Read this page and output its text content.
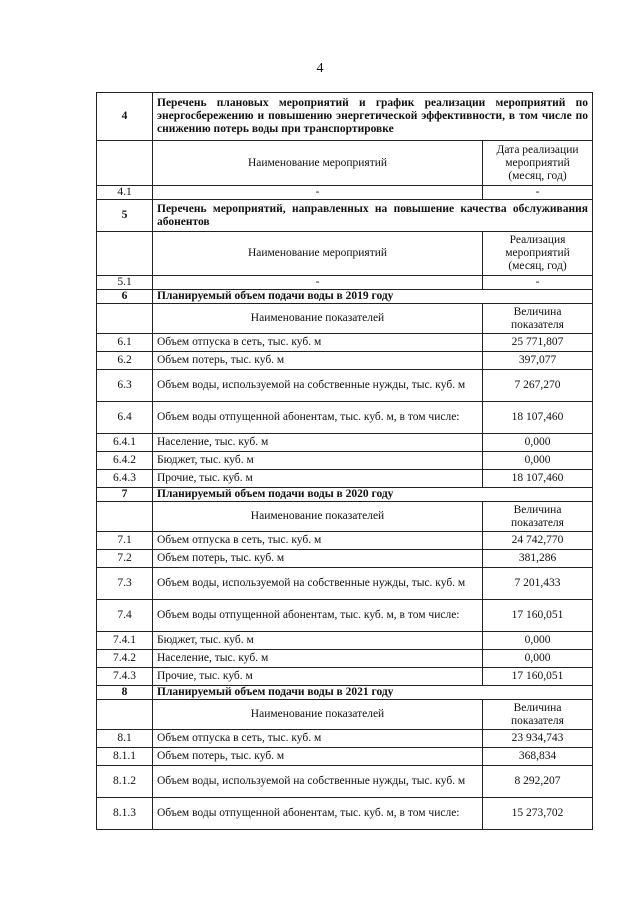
4
4	Перечень плановых мероприятий и график реализации мероприятий по энергосбережению и повышению энергетической эффективности, в том числе по снижению потерь воды при транспортировке	
	Наименование мероприятий	Дата реализации мероприятий (месяц, год)
4.1	-	-
5	Перечень мероприятий, направленных на повышение качества обслуживания абонентов	
	Наименование мероприятий	Реализация мероприятий (месяц, год)
5.1	-	-
6	Планируемый объем подачи воды в 2019 году	
	Наименование показателей	Величина показателя
6.1	Объем отпуска в сеть, тыс. куб. м	25 771,807
6.2	Объем потерь, тыс. куб. м	397,077
6.3	Объем воды, используемой на собственные нужды, тыс. куб. м	7 267,270
6.4	Объем воды отпущенной абонентам, тыс. куб. м, в том числе:	18 107,460
6.4.1	Население, тыс. куб. м	0,000
6.4.2	Бюджет, тыс. куб. м	0,000
6.4.3	Прочие, тыс. куб. м	18 107,460
7	Планируемый объем подачи воды в 2020 году	
	Наименование показателей	Величина показателя
7.1	Объем отпуска в сеть, тыс. куб. м	24 742,770
7.2	Объем потерь, тыс. куб. м	381,286
7.3	Объем воды, используемой на собственные нужды, тыс. куб. м	7 201,433
7.4	Объем воды отпущенной абонентам, тыс. куб. м, в том числе:	17 160,051
7.4.1	Бюджет, тыс. куб. м	0,000
7.4.2	Население, тыс. куб. м	0,000
7.4.3	Прочие, тыс. куб. м	17 160,051
8	Планируемый объем подачи воды в 2021 году	
	Наименование показателей	Величина показателя
8.1	Объем отпуска в сеть, тыс. куб. м	23 934,743
8.1.1	Объем потерь, тыс. куб. м	368,834
8.1.2	Объем воды, используемой на собственные нужды, тыс. куб. м	8 292,207
8.1.3	Объем воды отпущенной абонентам, тыс. куб. м, в том числе:	15 273,702
